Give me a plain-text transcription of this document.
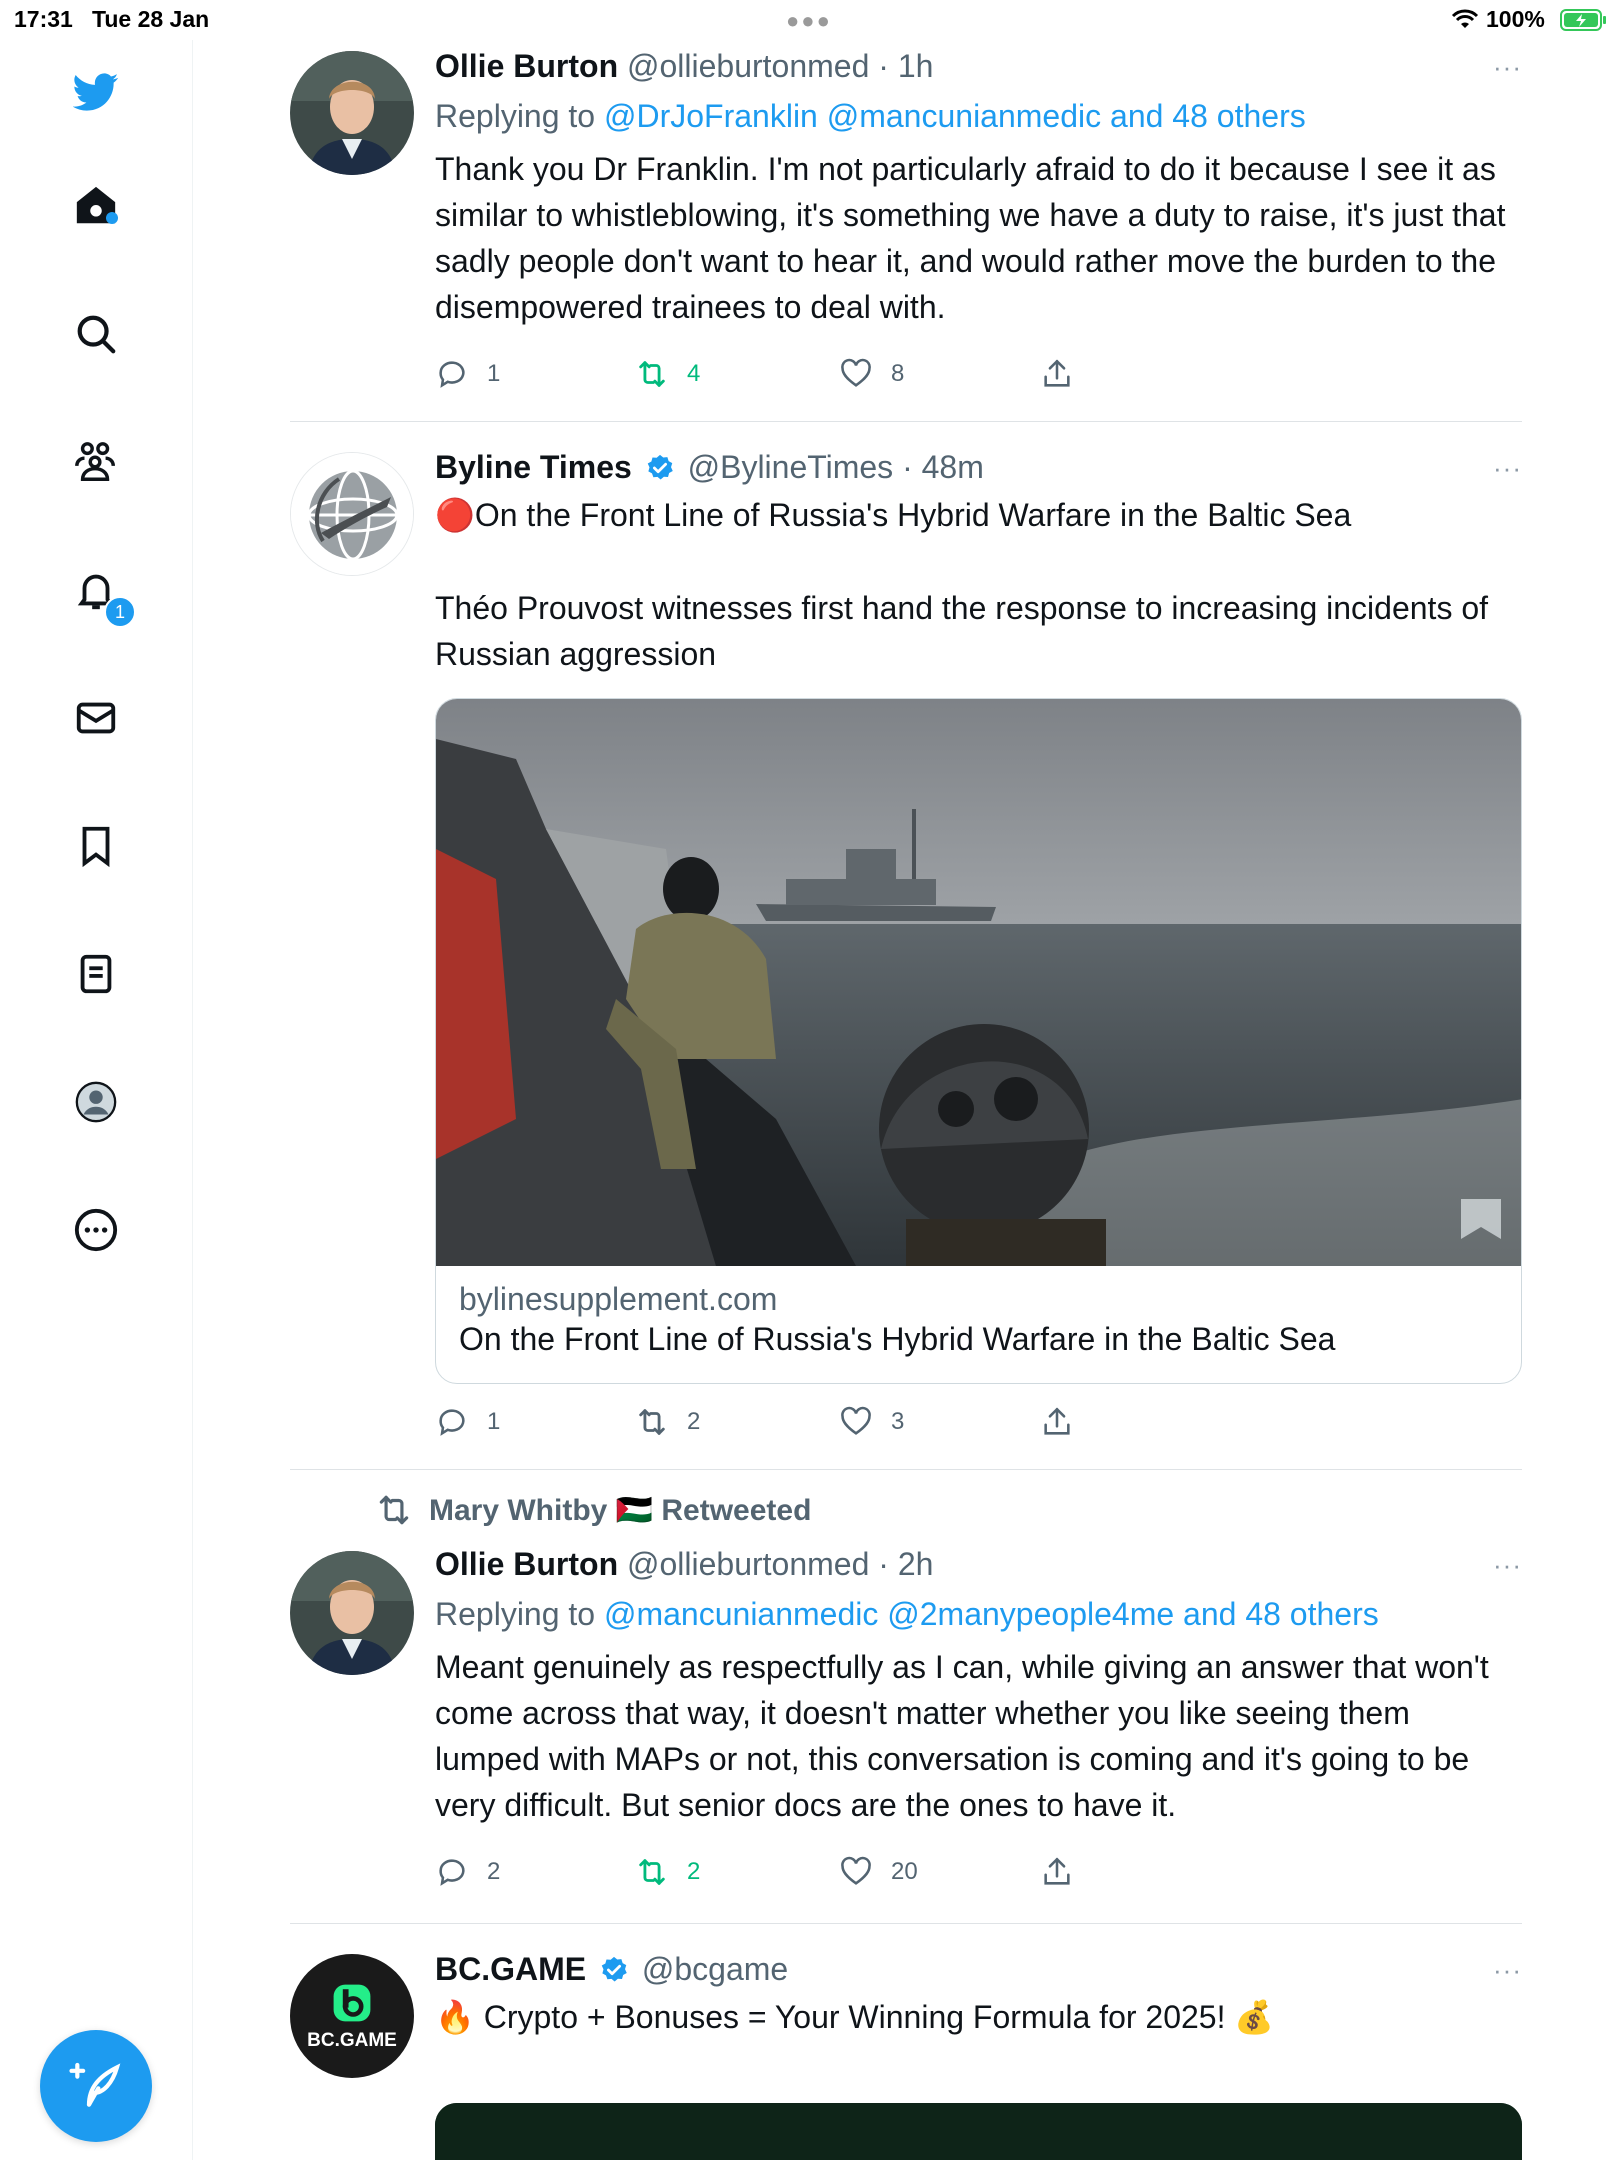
17:31 Tue 28 Jan	●●●	100%
1
Ollie Burton @ollieburtonmed · 1h
Replying to @DrJoFranklin @mancunianmedic and 48 others
Thank you Dr Franklin. I'm not particularly afraid to do it because I see it as similar to whistleblowing, it's something we have a duty to raise, it's just that sadly people don't want to hear it, and would rather move the burden to the disempowered trainees to deal with.
···
1	4	8
Byline Times @BylineTimes · 48m
🔴On the Front Line of Russia's Hybrid Warfare in the Baltic Sea
Théo Prouvost witnesses first hand the response to increasing incidents of Russian aggression
···
bylinesupplement.com
On the Front Line of Russia's Hybrid Warfare in the Baltic Sea
1	2	3
Mary Whitby 🇵🇸 Retweeted
Ollie Burton @ollieburtonmed · 2h
Replying to @mancunianmedic @2manypeople4me and 48 others
Meant genuinely as respectfully as I can, while giving an answer that won't come across that way, it doesn't matter whether you like seeing them lumped with MAPs or not, this conversation is coming and it's going to be very difficult. But senior docs are the ones to have it.
···
2	2	20
BC.GAME
BC.GAME @bcgame
🔥 Crypto + Bonuses = Your Winning Formula for 2025! 💰
···
